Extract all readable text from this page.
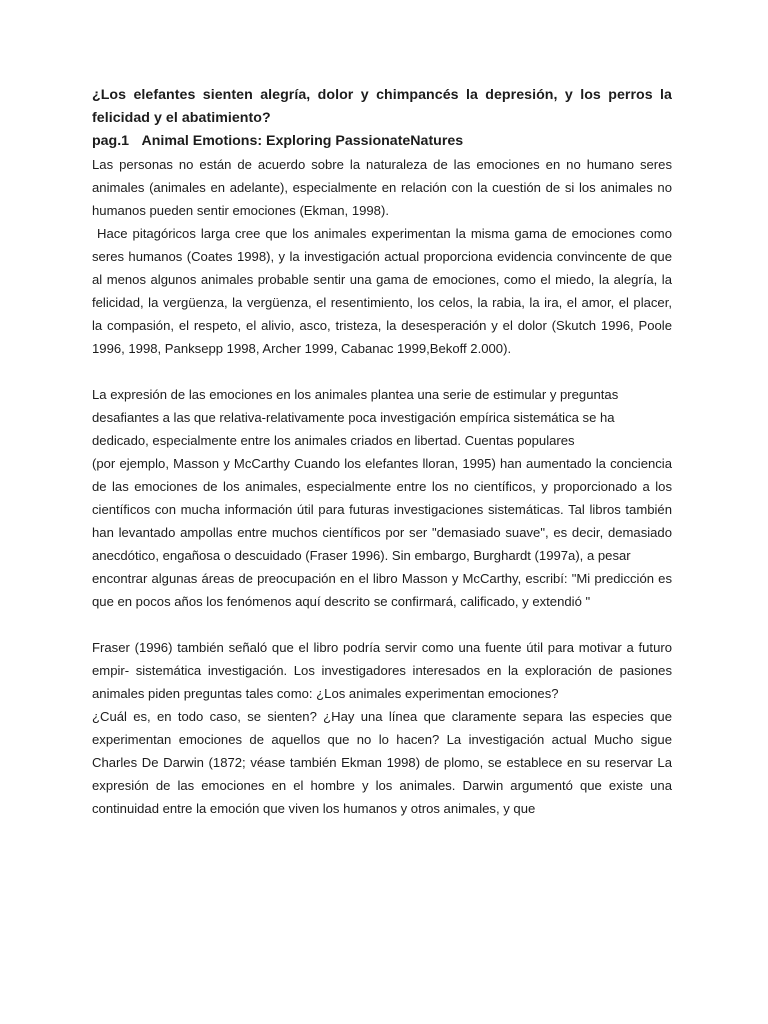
¿Los elefantes sienten alegría, dolor y chimpancés la depresión, y los perros la felicidad y el abatimiento?

pag.1 Animal Emotions: Exploring PassionateNatures

Las personas no están de acuerdo sobre la naturaleza de las emociones en no humano seres animales (animales en adelante), especialmente en relación con la cuestión de si los animales no humanos pueden sentir emociones (Ekman, 1998).

Hace pitagóricos larga cree que los animales experimentan la misma gama de emociones como seres humanos (Coates 1998), y la investigación actual proporciona evidencia convincente de que al menos algunos animales probable sentir una gama de emociones, como el miedo, la alegría, la felicidad, la vergüenza, la vergüenza, el resentimiento, los celos, la rabia, la ira, el amor, el placer, la compasión, el respeto, el alivio, asco, tristeza, la desesperación y el dolor (Skutch 1996, Poole 1996, 1998, Panksepp 1998, Archer 1999, Cabanac 1999,Bekoff 2.000).

La expresión de las emociones en los animales plantea una serie de estimular y preguntas desafiantes a las que relativa-relativamente poca investigación empírica sistemática se ha dedicado, especialmente entre los animales criados en libertad. Cuentas populares

(por ejemplo, Masson y McCarthy Cuando los elefantes lloran, 1995) han aumentado la conciencia de las emociones de los animales, especialmente entre los no científicos, y proporcionado a los científicos con mucha información útil para futuras investigaciones sistemáticas. Tal libros también han levantado ampollas entre muchos científicos por ser "demasiado suave", es decir, demasiado anecdótico, engañosa o descuidado (Fraser 1996). Sin embargo, Burghardt (1997a), a pesar

encontrar algunas áreas de preocupación en el libro Masson y McCarthy, escribí: "Mi predicción es que en pocos años los fenómenos aquí descrito se confirmará, calificado, y extendió "

Fraser (1996) también señaló que el libro podría servir como una fuente útil para motivar a futuro empir- sistemática investigación. Los investigadores interesados en la exploración de pasiones animales piden preguntas tales como: ¿Los animales experimentan emociones?

¿Cuál es, en todo caso, se sienten? ¿Hay una línea que claramente separa las especies que experimentan emociones de aquellos que no lo hacen? La investigación actual Mucho sigue Charles De Darwin (1872; véase también Ekman 1998) de plomo, se establece en su reservar La expresión de las emociones en el hombre y los animales. Darwin argumentó que existe una continuidad entre la emoción que viven los humanos y otros animales, y que
